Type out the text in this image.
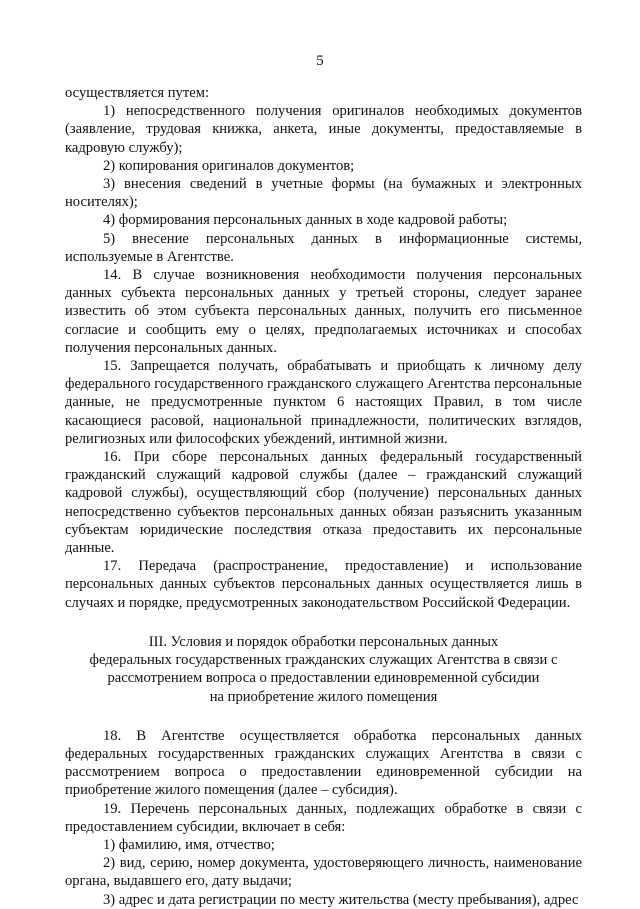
5

осуществляется путем:

1) непосредственного получения оригиналов необходимых документов (заявление, трудовая книжка, анкета, иные документы, предоставляемые в кадровую службу);

2) копирования оригиналов документов;

3) внесения сведений в учетные формы (на бумажных и электронных носителях);

4) формирования персональных данных в ходе кадровой работы;

5) внесение персональных данных в информационные системы, используемые в Агентстве.

14. В случае возникновения необходимости получения персональных данных субъекта персональных данных у третьей стороны, следует заранее известить об этом субъекта персональных данных, получить его письменное согласие и сообщить ему о целях, предполагаемых источниках и способах получения персональных данных.

15. Запрещается получать, обрабатывать и приобщать к личному делу федерального государственного гражданского служащего Агентства персональные данные, не предусмотренные пунктом 6 настоящих Правил, в том числе касающиеся расовой, национальной принадлежности, политических взглядов, религиозных или философских убеждений, интимной жизни.

16. При сборе персональных данных федеральный государственный гражданский служащий кадровой службы (далее – гражданский служащий кадровой службы), осуществляющий сбор (получение) персональных данных непосредственно субъектов персональных данных обязан разъяснить указанным субъектам юридические последствия отказа предоставить их персональные данные.

17. Передача (распространение, предоставление) и использование персональных данных субъектов персональных данных осуществляется лишь в случаях и порядке, предусмотренных законодательством Российской Федерации.

III. Условия и порядок обработки персональных данных

федеральных государственных гражданских служащих Агентства в связи с

рассмотрением вопроса о предоставлении единовременной субсидии

на приобретение жилого помещения

18. В Агентстве осуществляется обработка персональных данных федеральных государственных гражданских служащих Агентства в связи с рассмотрением вопроса о предоставлении единовременной субсидии на приобретение жилого помещения (далее – субсидия).

19. Перечень персональных данных, подлежащих обработке в связи с предоставлением субсидии, включает в себя:

1) фамилию, имя, отчество;

2) вид, серию, номер документа, удостоверяющего личность, наименование органа, выдавшего его, дату выдачи;

3) адрес и дата регистрации по месту жительства (месту пребывания), адрес
